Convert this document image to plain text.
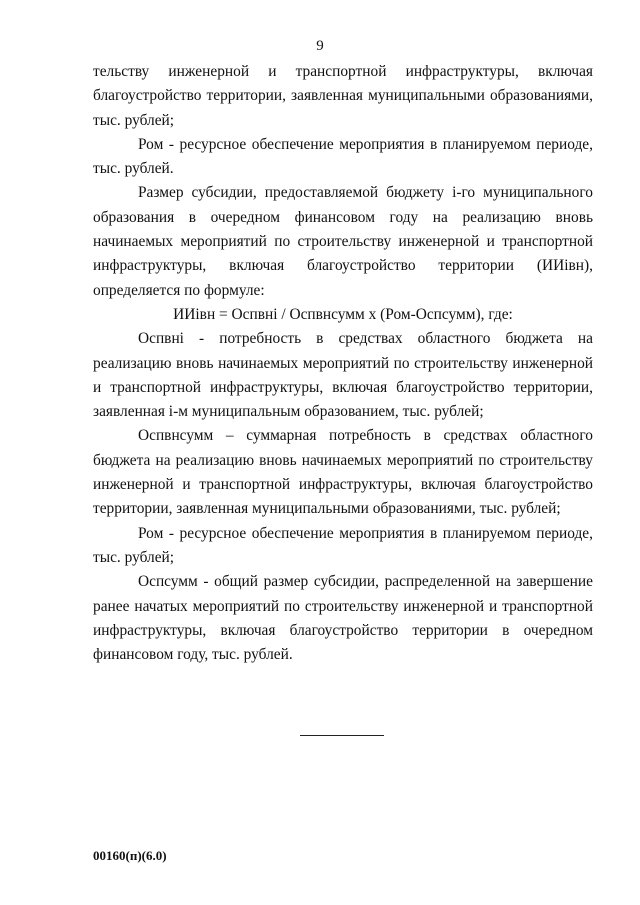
9

тельству инженерной и транспортной инфраструктуры, включая благоустройство территории, заявленная муниципальными образованиями, тыс. рублей;

Ром - ресурсное обеспечение мероприятия в планируемом периоде, тыс. рублей.

Размер субсидии, предоставляемой бюджету і-го муниципального образования в очередном финансовом году на реализацию вновь начинаемых мероприятий по строительству инженерной и транспортной инфраструктуры, включая благоустройство территории (ИИівн), определяется по формуле:

ИИівн = Оспвні / Оспвнсумм х (Ром-Оспсумм), где:

Оспвні - потребность в средствах областного бюджета на реализацию вновь начинаемых мероприятий по строительству инженерной и транспортной инфраструктуры, включая благоустройство территории, заявленная і-м муниципальным образованием, тыс. рублей;

Оспвнсумм – суммарная потребность в средствах областного бюджета на реализацию вновь начинаемых мероприятий по строительству инженерной и транспортной инфраструктуры, включая благоустройство территории, заявленная муниципальными образованиями, тыс. рублей;

Ром - ресурсное обеспечение мероприятия в планируемом периоде, тыс. рублей;

Оспсумм - общий размер субсидии, распределенной на завершение ранее начатых мероприятий по строительству инженерной и транспортной инфраструктуры, включая благоустройство территории в очередном финансовом году, тыс. рублей.

00160(п)(6.0)
